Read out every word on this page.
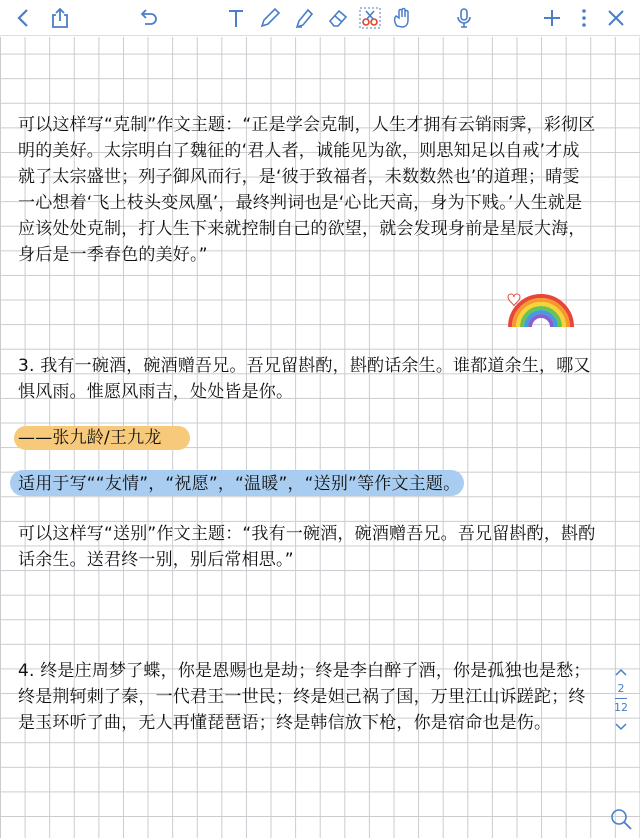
可以这样写“克制”作文主题：“正是学会克制，人生才拥有云销雨霁，彩彻区
明的美好。太宗明白了魏征的‘君人者，诚能见为欲，则思知足以自戒’才成
就了太宗盛世；列子御风而行，是‘彼于致福者，未数数然也’的道理；晴雯
一心想着‘飞上枝头变凤凰’，最终判词也是‘心比天高，身为下贱。’人生就是
应该处处克制，打人生下来就控制自己的欲望，就会发现身前是星辰大海，
身后是一季春色的美好。”
3. 我有一碗酒，碗酒赠吾兄。吾兄留斟酌，斟酌话余生。谁都道余生，哪又
惧风雨。惟愿风雨吉，处处皆是你。
——张九龄/王九龙
适用于写““友情”，“祝愿”，“温暖”，“送别”等作文主题。
可以这样写“送别”作文主题：“我有一碗酒，碗酒赠吾兄。吾兄留斟酌，斟酌
话余生。送君终一别，别后常相思。”
4. 终是庄周梦了蝶，你是恩赐也是劫；终是李白醉了酒，你是孤独也是愁；
终是荆轲刺了秦，一代君王一世民；终是妲己祸了国，万里江山诉蹉跎；终
是玉环听了曲，无人再懂琵琶语；终是韩信放下枪，你是宿命也是伤。
2
12
